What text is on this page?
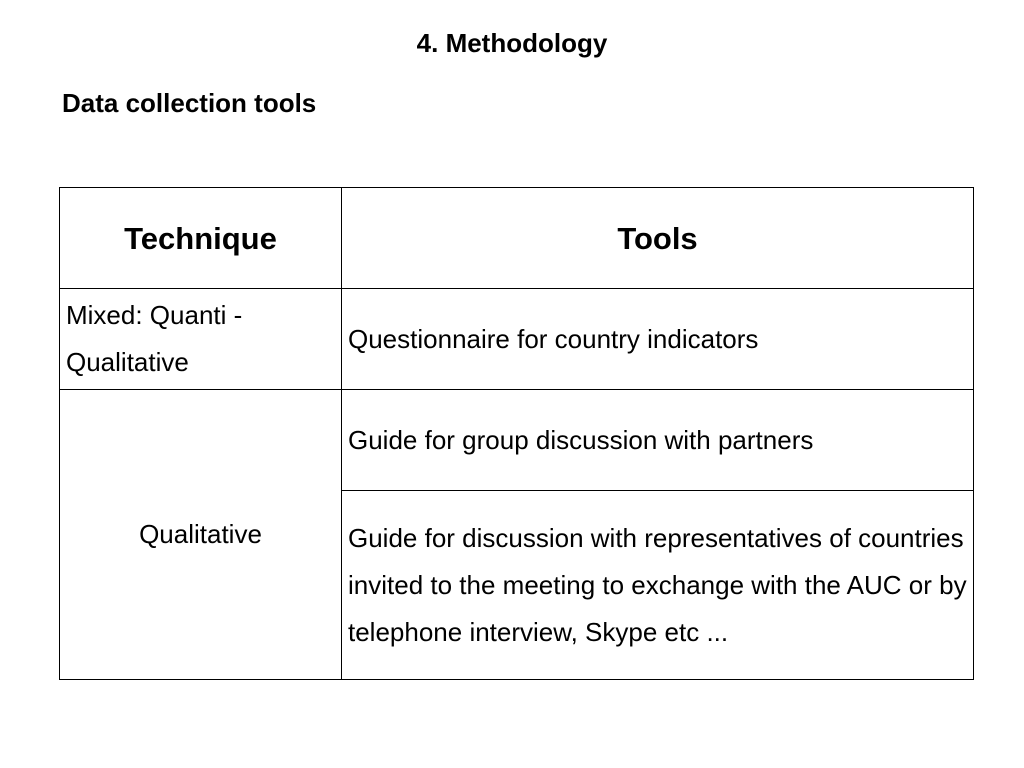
4. Methodology
Data collection tools
Technique	Tools
Mixed: Quanti - Qualitative	Questionnaire for country indicators
Qualitative	Guide for group discussion with partners
	Guide for discussion with representatives of countries invited to the meeting to exchange with the AUC or by telephone interview, Skype etc ...
